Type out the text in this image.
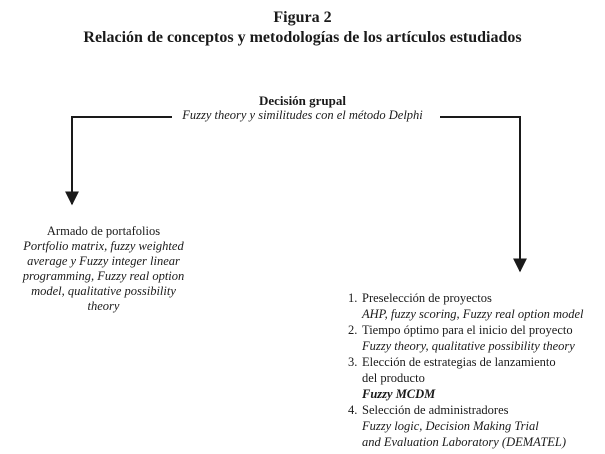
Figura 2
Relación de conceptos y metodologías de los artículos estudiados
Decisión grupal
Fuzzy theory y similitudes con el método Delphi
Armado de portafolios
Portfolio matrix, fuzzy weighted
average y Fuzzy integer linear
programming, Fuzzy real option
model, qualitative possibility
theory
1. Preselección de proyectos
AHP, fuzzy scoring, Fuzzy real option model
2. Tiempo óptimo para el inicio del proyecto
Fuzzy theory, qualitative possibility theory
3. Elección de estrategias de lanzamiento
del producto
Fuzzy MCDM
4. Selección de administradores
Fuzzy logic, Decision Making Trial
and Evaluation Laboratory (DEMATEL)
